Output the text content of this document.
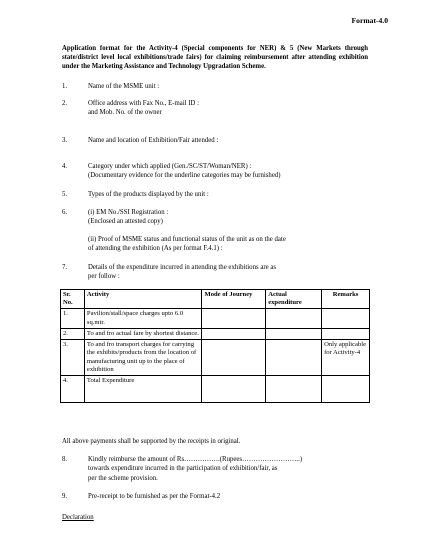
Format-4.0
Application format for the Activity-4 (Special components for NER) & 5 (New Markets through state/district level local exhibitions/trade fairs) for claiming reimbursement after attending exhibition under the Marketing Assistance and Technology Upgradation Scheme.
1.	Name of the MSME unit :
2.	Office address with Fax No., E-mail ID :
and Mob. No. of the owner
3.	Name and location of Exhibition/Fair attended :
4.	Category under which applied (Gen./SC/ST/Woman/NER) :
(Documentary evidence for the underline categories may be furnished)
5.	Types of the products displayed by the unit :
6.	(i) EM No./SSI Registration :
(Enclosed an attested copy)
(ii) Proof of MSME status and functional status of the unit as on the date
of attending the exhibition (As per format F.4.1) :
7.	Details of the expenditure incurred in attending the exhibitions are as
per follow :
Sr. No.	Activity	Mode of Journey	Actual expenditure	Remarks
1.	Pavilion/stall/space charges upto 6.0 sq.mtr.			
2.	To and fro actual fare by shortest distance.			
3.	To and fro transport charges for carrying the exhibits/products from the location of manufacturing unit up to the place of exhibition			Only applicable for Activity-4
4.	Total Expenditure			
All above payments shall be supported by the receipts in original.
8.	Kindly reimburse the amount of Rs…………….(Rupees……………………..)
towards expenditure incurred in the participation of exhibition/fair, as
per the scheme provision.
9.	Pre-receipt to be furnished as per the Format-4.2
Declaration
